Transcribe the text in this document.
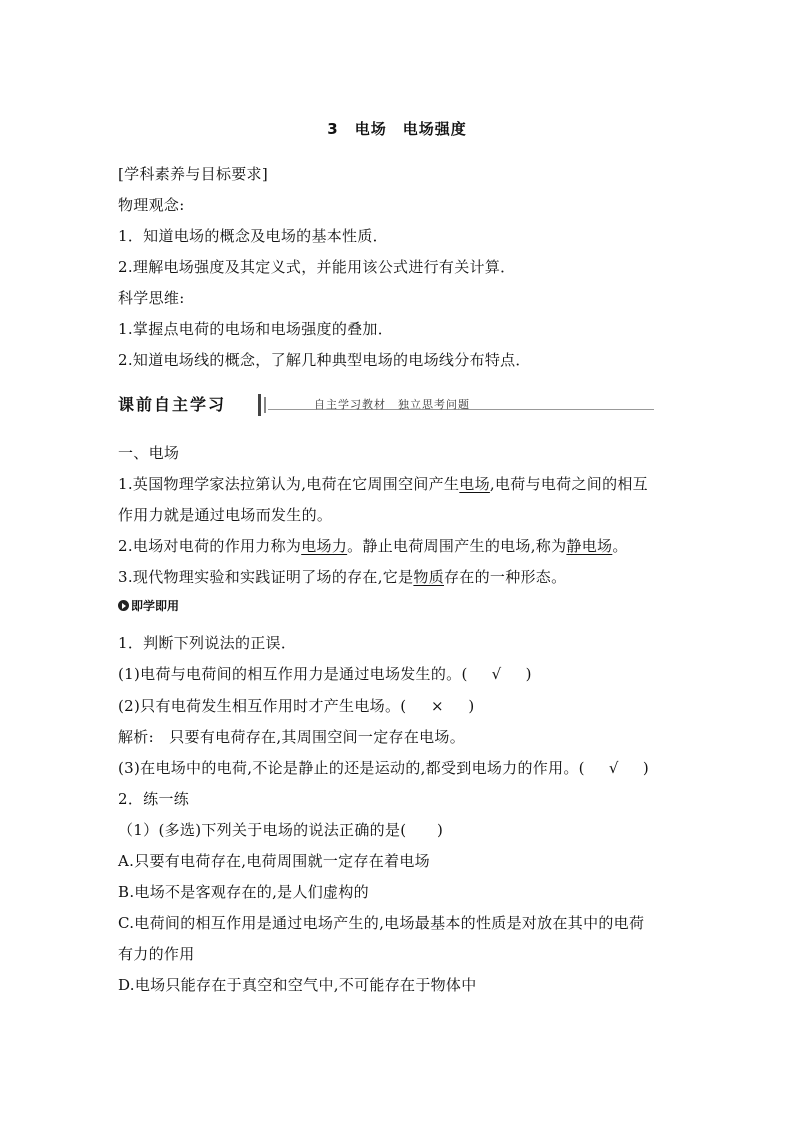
3　电场　电场强度
[学科素养与目标要求]
物理观念:
1．知道电场的概念及电场的基本性质．
2.理解电场强度及其定义式，并能用该公式进行有关计算．
科学思维:
1.掌握点电荷的电场和电场强度的叠加．
2.知道电场线的概念，了解几种典型电场的电场线分布特点．
课前自主学习	自主学习教材　独立思考问题
一、电场
1.英国物理学家法拉第认为,电荷在它周围空间产生电场,电荷与电荷之间的相互
作用力就是通过电场而发生的。
2.电场对电荷的作用力称为电场力。静止电荷周围产生的电场,称为静电场。
3.现代物理实验和实践证明了场的存在,它是物质存在的一种形态。
即学即用
1．判断下列说法的正误．
(1)电荷与电荷间的相互作用力是通过电场发生的。( √ )
(2)只有电荷发生相互作用时才产生电场。( × )
解析:　只要有电荷存在,其周围空间一定存在电场。
(3)在电场中的电荷,不论是静止的还是运动的,都受到电场力的作用。( √ )
2．练一练
（1）(多选)下列关于电场的说法正确的是(　　)
A.只要有电荷存在,电荷周围就一定存在着电场
B.电场不是客观存在的,是人们虚构的
C.电荷间的相互作用是通过电场产生的,电场最基本的性质是对放在其中的电荷
有力的作用
D.电场只能存在于真空和空气中,不可能存在于物体中
